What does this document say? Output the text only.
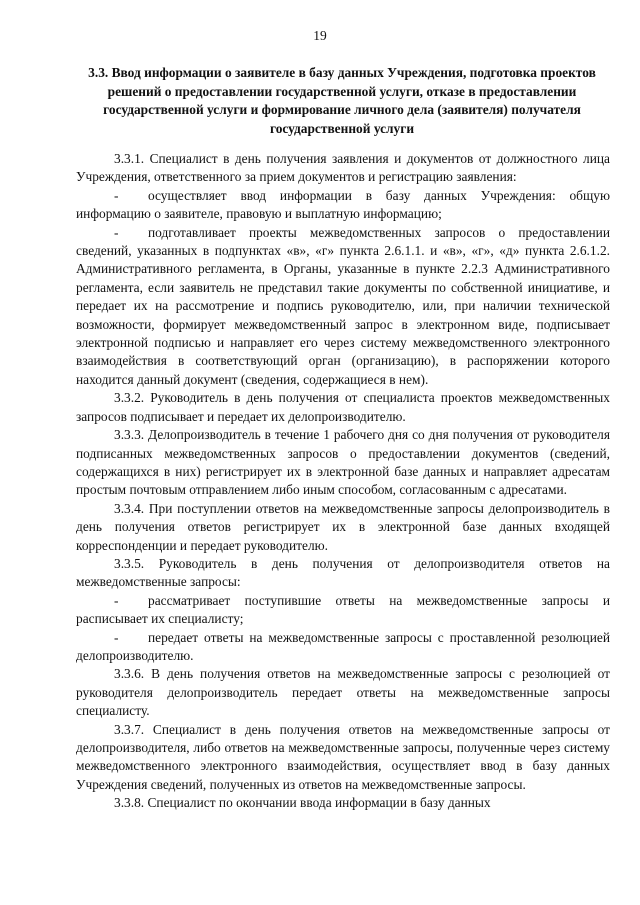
19
3.3. Ввод информации о заявителе в базу данных Учреждения, подготовка проектов решений о предоставлении государственной услуги, отказе в предоставлении государственной услуги и формирование личного дела (заявителя) получателя государственной услуги

3.3.1. Специалист в день получения заявления и документов от должностного лица Учреждения, ответственного за прием документов и регистрацию заявления:

- осуществляет ввод информации в базу данных Учреждения: общую информацию о заявителе, правовую и выплатную информацию;

- подготавливает проекты межведомственных запросов о предоставлении сведений, указанных в подпунктах «в», «г» пункта 2.6.1.1. и «в», «г», «д» пункта 2.6.1.2. Административного регламента, в Органы, указанные в пункте 2.2.3 Административного регламента, если заявитель не представил такие документы по собственной инициативе, и передает их на рассмотрение и подпись руководителю, или, при наличии технической возможности, формирует межведомственный запрос в электронном виде, подписывает электронной подписью и направляет его через систему межведомственного электронного взаимодействия в соответствующий орган (организацию), в распоряжении которого находится данный документ (сведения, содержащиеся в нем).

3.3.2. Руководитель в день получения от специалиста проектов межведомственных запросов подписывает и передает их делопроизводителю.

3.3.3. Делопроизводитель в течение 1 рабочего дня со дня получения от руководителя подписанных межведомственных запросов о предоставлении документов (сведений, содержащихся в них) регистрирует их в электронной базе данных и направляет адресатам простым почтовым отправлением либо иным способом, согласованным с адресатами.

3.3.4. При поступлении ответов на межведомственные запросы делопроизводитель в день получения ответов регистрирует их в электронной базе данных входящей корреспонденции и передает руководителю.

3.3.5. Руководитель в день получения от делопроизводителя ответов на межведомственные запросы:

- рассматривает поступившие ответы на межведомственные запросы и расписывает их специалисту;

- передает ответы на межведомственные запросы с проставленной резолюцией делопроизводителю.

3.3.6. В день получения ответов на межведомственные запросы с резолюцией от руководителя делопроизводитель передает ответы на межведомственные запросы специалисту.

3.3.7. Специалист в день получения ответов на межведомственные запросы от делопроизводителя, либо ответов на межведомственные запросы, полученные через систему межведомственного электронного взаимодействия, осуществляет ввод в базу данных Учреждения сведений, полученных из ответов на межведомственные запросы.

3.3.8. Специалист по окончании ввода информации в базу данных
